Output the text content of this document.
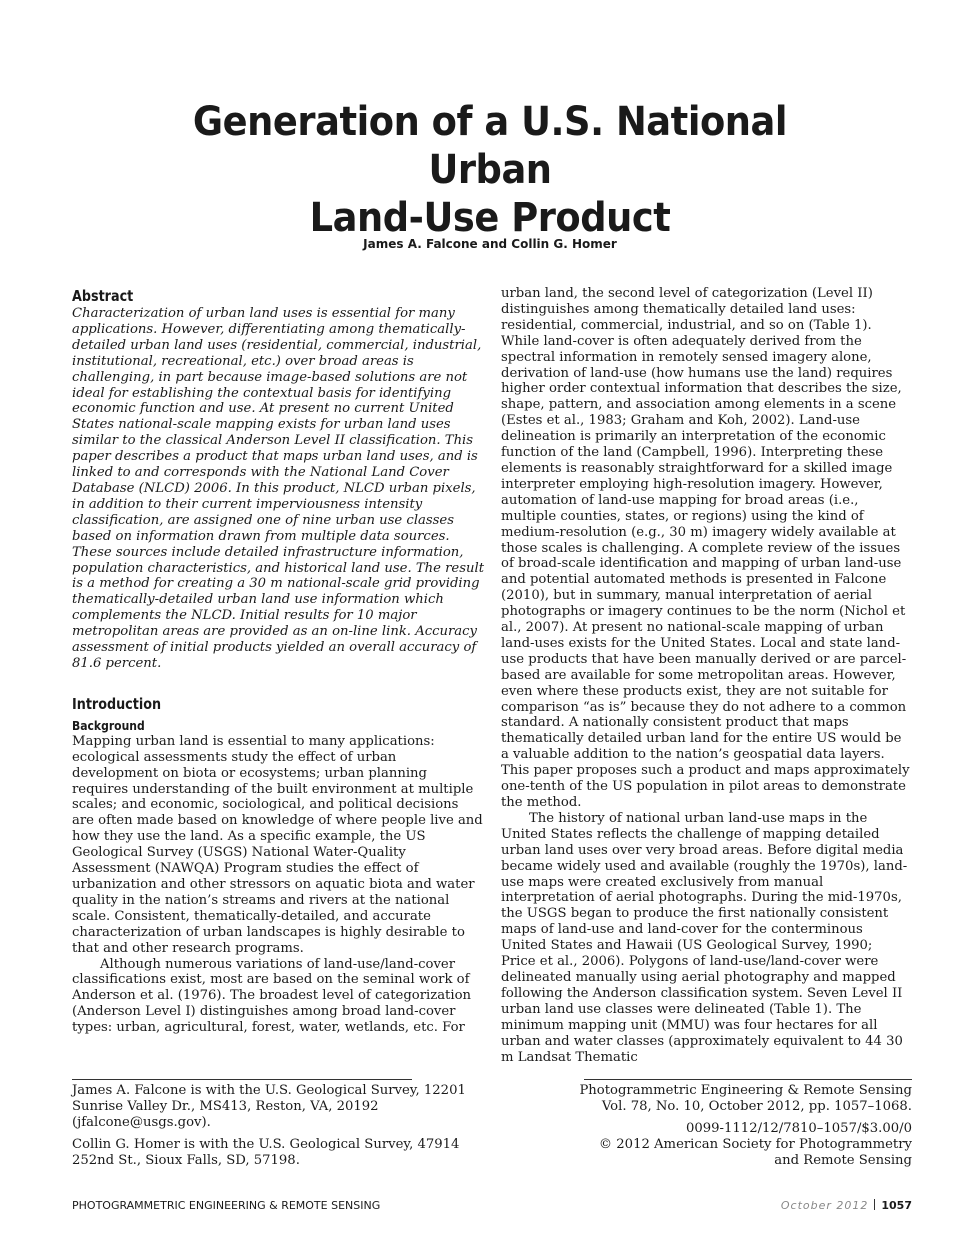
Generation of a U.S. National Urban
Land-Use Product
James A. Falcone and Collin G. Homer
Abstract

Characterization of urban land uses is essential for many applications. However, differentiating among thematically-detailed urban land uses (residential, commercial, industrial, institutional, recreational, etc.) over broad areas is challenging, in part because image-based solutions are not ideal for establishing the contextual basis for identifying economic function and use. At present no current United States national-scale mapping exists for urban land uses similar to the classical Anderson Level II classification. This paper describes a product that maps urban land uses, and is linked to and corresponds with the National Land Cover Database (NLCD) 2006. In this product, NLCD urban pixels, in addition to their current imperviousness intensity classification, are assigned one of nine urban use classes based on information drawn from multiple data sources. These sources include detailed infrastructure information, population characteristics, and historical land use. The result is a method for creating a 30 m national-scale grid providing thematically-detailed urban land use information which complements the NLCD. Initial results for 10 major metropolitan areas are provided as an on-line link. Accuracy assessment of initial products yielded an overall accuracy of 81.6 percent.

Introduction
Background

Mapping urban land is essential to many applications: ecological assessments study the effect of urban development on biota or ecosystems; urban planning requires understanding of the built environment at multiple scales; and economic, sociological, and political decisions are often made based on knowledge of where people live and how they use the land. As a specific example, the US Geological Survey (USGS) National Water-Quality Assessment (NAWQA) Program studies the effect of urbanization and other stressors on aquatic biota and water quality in the nation’s streams and rivers at the national scale. Consistent, thematically-detailed, and accurate characterization of urban landscapes is highly desirable to that and other research programs.

Although numerous variations of land-use/land-cover classifications exist, most are based on the seminal work of Anderson et al. (1976). The broadest level of categorization (Anderson Level I) distinguishes among broad land-cover types: urban, agricultural, forest, water, wetlands, etc. For

urban land, the second level of categorization (Level II) distinguishes among thematically detailed land uses: residential, commercial, industrial, and so on (Table 1). While land-cover is often adequately derived from the spectral information in remotely sensed imagery alone, derivation of land-use (how humans use the land) requires higher order contextual information that describes the size, shape, pattern, and association among elements in a scene (Estes et al., 1983; Graham and Koh, 2002). Land-use delineation is primarily an interpretation of the economic function of the land (Campbell, 1996). Interpreting these elements is reasonably straightforward for a skilled image interpreter employing high-resolution imagery. However, automation of land-use mapping for broad areas (i.e., multiple counties, states, or regions) using the kind of medium-resolution (e.g., 30 m) imagery widely available at those scales is challenging. A complete review of the issues of broad-scale identification and mapping of urban land-use and potential automated methods is presented in Falcone (2010), but in summary, manual interpretation of aerial photographs or imagery continues to be the norm (Nichol et al., 2007). At present no national-scale mapping of urban land-uses exists for the United States. Local and state land-use products that have been manually derived or are parcel-based are available for some metropolitan areas. However, even where these products exist, they are not suitable for comparison “as is” because they do not adhere to a common standard. A nationally consistent product that maps thematically detailed urban land for the entire US would be a valuable addition to the nation’s geospatial data layers. This paper proposes such a product and maps approximately one-tenth of the US population in pilot areas to demonstrate the method.

The history of national urban land-use maps in the United States reflects the challenge of mapping detailed urban land uses over very broad areas. Before digital media became widely used and available (roughly the 1970s), land-use maps were created exclusively from manual interpretation of aerial photographs. During the mid-1970s, the USGS began to produce the first nationally consistent maps of land-use and land-cover for the conterminous United States and Hawaii (US Geological Survey, 1990; Price et al., 2006). Polygons of land-use/land-cover were delineated manually using aerial photography and mapped following the Anderson classification system. Seven Level II urban land use classes were delineated (Table 1). The minimum mapping unit (MMU) was four hectares for all urban and water classes (approximately equivalent to 44 30 m Landsat Thematic

James A. Falcone is with the U.S. Geological Survey, 12201 Sunrise Valley Dr., MS413, Reston, VA, 20192 (jfalcone@usgs.gov).

Collin G. Homer is with the U.S. Geological Survey, 47914 252nd St., Sioux Falls, SD, 57198.

Photogrammetric Engineering & Remote Sensing

Vol. 78, No. 10, October 2012, pp. 1057–1068.

0099-1112/12/7810–1057/$3.00/0

© 2012 American Society for Photogrammetry

and Remote Sensing

PHOTOGRAMMETRIC ENGINEERING & REMOTE SENSING	October 2012 1057
